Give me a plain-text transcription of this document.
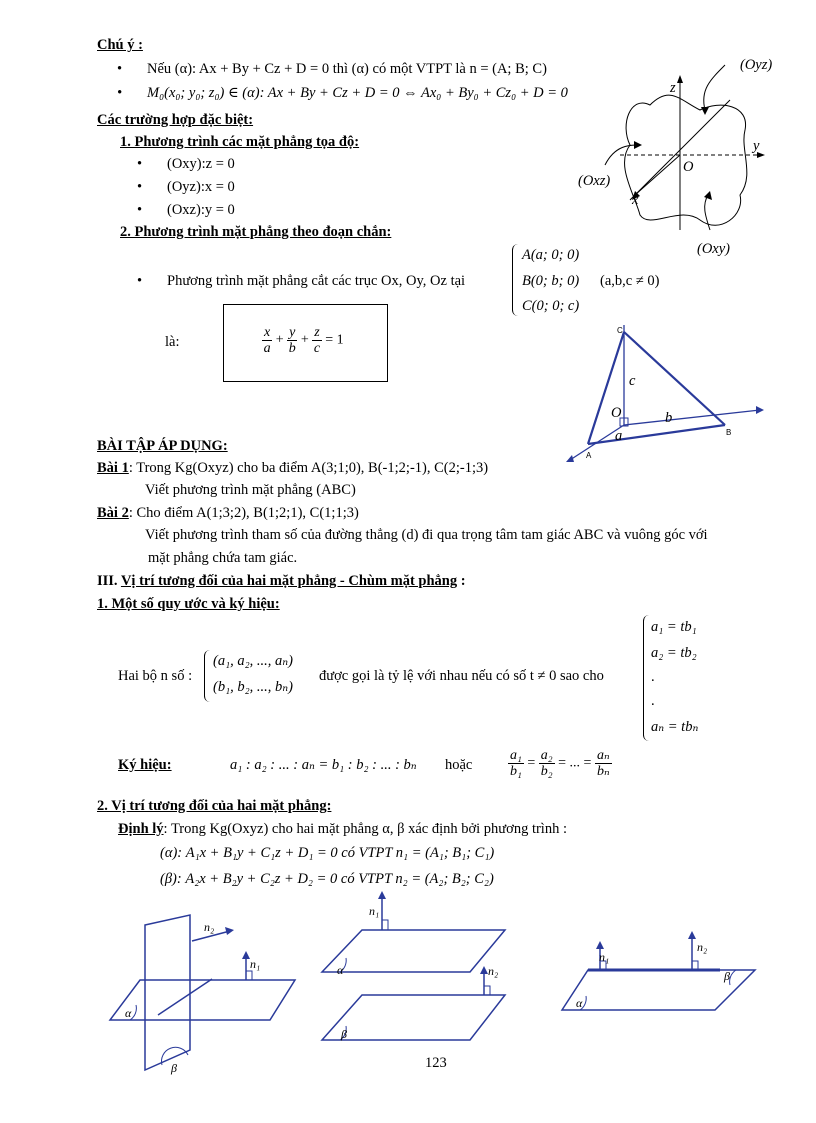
Chú ý :
• Nếu (α): Ax + By + Cz + D = 0 thì (α) có một VTPT là n = (A; B; C)
• M₀(x₀; y₀; z₀) ∈ (α): Ax + By + Cz + D = 0 ⇔ Ax₀ + By₀ + Cz₀ + D = 0
Các trường hợp đặc biệt:
1. Phương trình các mặt phẳng tọa độ:
• (Oxy):z = 0
• (Oyz):x = 0
• (Oxz):y = 0
2. Phương trình mặt phẳng theo đoạn chắn:
• Phương trình mặt phẳng cắt các trục Ox, Oy, Oz tại
A(a; 0; 0)
B(0; b; 0)
C(0; 0; c)
(a,b,c ≠ 0)
là:	$\frac{x}{a} + \frac{y}{b} + \frac{z}{c} = 1$
(Oyz)
(Oxz)
(Oxy)
z
y
x
O
C
B
A
c
b
a
O
BÀI TẬP ÁP DỤNG:
Bài 1: Trong Kg(Oxyz) cho ba điểm A(3;1;0), B(-1;2;-1), C(2;-1;3)
Viết phương trình mặt phẳng (ABC)
Bài 2: Cho điểm A(1;3;2), B(1;2;1), C(1;1;3)
Viết phương trình tham số của đường thẳng (d) đi qua trọng tâm tam giác ABC và vuông góc với
mặt phẳng chứa tam giác.
III. Vị trí tương đối của hai mặt phẳng - Chùm mặt phẳng :
1. Một số quy ước và ký hiệu:
Hai bộ n số :
(a₁, a₂, ..., aₙ)
(b₁, b₂, ..., bₙ)
được gọi là tỷ lệ với nhau nếu có số t ≠ 0 sao cho
a₁ = tb₁
a₂ = tb₂
.
.
aₙ = tbₙ
Ký hiệu:	a₁ : a₂ : ... : aₙ = b₁ : b₂ : ... : bₙ hoặc	$\frac{\text{a₁}}{\text{b₁}} = \frac{\text{a₂}}{\text{b₂}}$ = ... = $\frac{\text{aₙ}}{\text{bₙ}}$
2. Vị trí tương đối của hai mặt phẳng:
Định lý: Trong Kg(Oxyz) cho hai mặt phẳng α, β xác định bởi phương trình :
(α): A₁x + B₁y + C₁z + D₁ = 0 có VTPT n₁ = (A₁; B₁; C₁)
(β): A₂x + B₂y + C₂z + D₂ = 0 có VTPT n₂ = (A₂; B₂; C₂)
α
β
n₂
n₁	α
β
n₁
n₂
α
β
n₁
n₂
123
